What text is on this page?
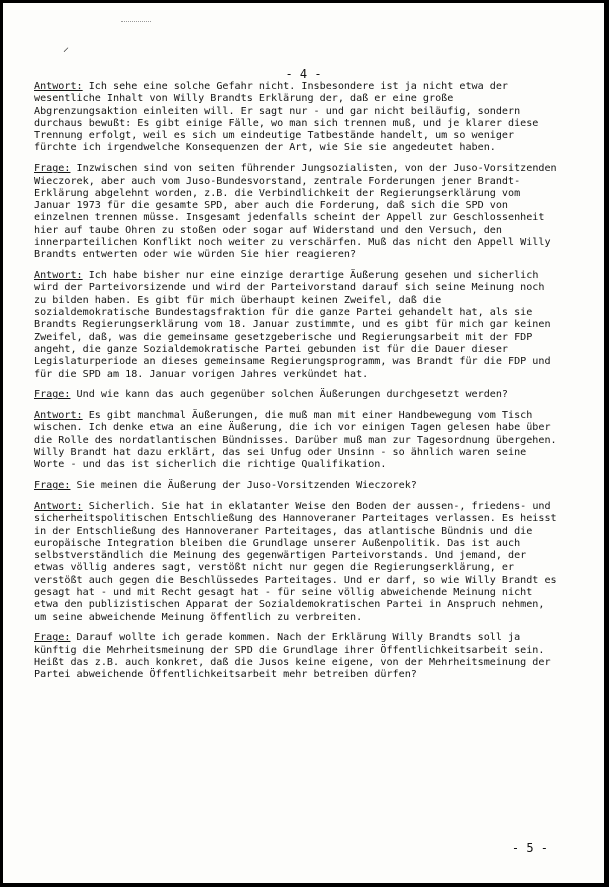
⸝
- 4 -

Antwort: Ich sehe eine solche Gefahr nicht. Insbesondere ist ja nicht etwa der wesentliche Inhalt von Willy Brandts Erklärung der, daß er eine große Abgrenzungsaktion einleiten will. Er sagt nur - und gar nicht beiläufig, sondern durchaus bewußt: Es gibt einige Fälle, wo man sich trennen muß, und je klarer diese Trennung erfolgt, weil es sich um eindeutige Tatbestände handelt, um so weniger fürchte ich irgendwelche Konsequenzen der Art, wie Sie sie angedeutet haben.

Frage: Inzwischen sind von seiten führender Jungsozialisten, von der Juso-Vorsitzenden Wieczorek, aber auch vom Juso-Bundesvorstand, zentrale Forderungen jener Brandt-Erklärung abgelehnt worden, z.B. die Verbindlichkeit der Regierungserklärung vom Januar 1973 für die gesamte SPD, aber auch die Forderung, daß sich die SPD von einzelnen trennen müsse. Insgesamt jedenfalls scheint der Appell zur Geschlossenheit hier auf taube Ohren zu stoßen oder sogar auf Widerstand und den Versuch, den innerparteilichen Konflikt noch weiter zu verschärfen. Muß das nicht den Appell Willy Brandts entwerten oder wie würden Sie hier reagieren?

Antwort: Ich habe bisher nur eine einzige derartige Äußerung gesehen und sicherlich wird der Parteivorsizende und wird der Parteivorstand darauf sich seine Meinung noch zu bilden haben. Es gibt für mich überhaupt keinen Zweifel, daß die sozialdemokratische Bundestagsfraktion für die ganze Partei gehandelt hat, als sie Brandts Regierungserklärung vom 18. Januar zustimmte, und es gibt für mich gar keinen Zweifel, daß, was die gemeinsame gesetzgeberische und Regierungsarbeit mit der FDP angeht, die ganze Sozialdemokratische Partei gebunden ist für die Dauer dieser Legislaturperiode an dieses gemeinsame Regierungsprogramm, was Brandt für die FDP und für die SPD am 18. Januar vorigen Jahres verkündet hat.

Frage: Und wie kann das auch gegenüber solchen Äußerungen durchgesetzt werden?

Antwort: Es gibt manchmal Äußerungen, die muß man mit einer Handbewegung vom Tisch wischen. Ich denke etwa an eine Äußerung, die ich vor einigen Tagen gelesen habe über die Rolle des nordatlantischen Bündnisses. Darüber muß man zur Tagesordnung übergehen. Willy Brandt hat dazu erklärt, das sei Unfug oder Unsinn - so ähnlich waren seine Worte - und das ist sicherlich die richtige Qualifikation.

Frage: Sie meinen die Äußerung der Juso-Vorsitzenden Wieczorek?

Antwort: Sicherlich. Sie hat in eklatanter Weise den Boden der aussen-, friedens- und sicherheitspolitischen Entschließung des Hannoveraner Parteitages verlassen. Es heisst in der Entschließung des Hannoveraner Parteitages, das atlantische Bündnis und die europäische Integration bleiben die Grundlage unserer Außenpolitik. Das ist auch selbstverständlich die Meinung des gegenwärtigen Parteivorstands. Und jemand, der etwas völlig anderes sagt, verstößt nicht nur gegen die Regierungserklärung, er verstößt auch gegen die Beschlüssedes Parteitages. Und er darf, so wie Willy Brandt es gesagt hat - und mit Recht gesagt hat - für seine völlig abweichende Meinung nicht etwa den publizistischen Apparat der Sozialdemokratischen Partei in Anspruch nehmen, um seine abweichende Meinung öffentlich zu verbreiten.

Frage: Darauf wollte ich gerade kommen. Nach der Erklärung Willy Brandts soll ja künftig die Mehrheitsmeinung der SPD die Grundlage ihrer Öffentlichkeitsarbeit sein. Heißt das z.B. auch konkret, daß die Jusos keine eigene, von der Mehrheitsmeinung der Partei abweichende Öffentlichkeitsarbeit mehr betreiben dürfen?

- 5 -
